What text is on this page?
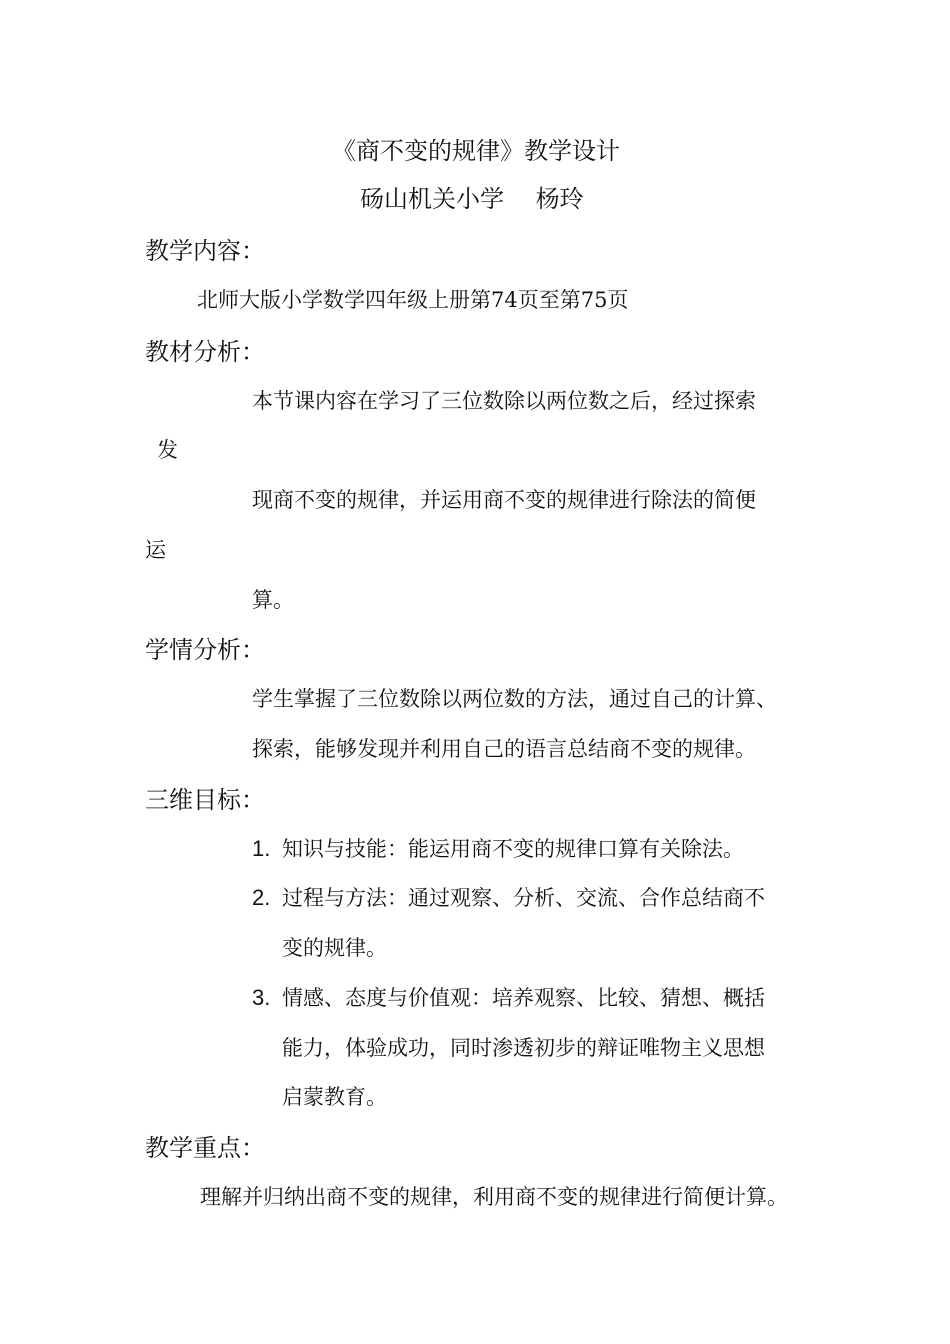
《商不变的规律》教学设计
砀山机关小学　 杨玲
教学内容：
北师大版小学数学四年级上册第74页至第75页
教材分析：
本节课内容在学习了三位数除以两位数之后，经过探索
发
现商不变的规律，并运用商不变的规律进行除法的简便
运
算。
学情分析：
学生掌握了三位数除以两位数的方法，通过自己的计算、
探索，能够发现并利用自己的语言总结商不变的规律。
三维目标：
1. 知识与技能：能运用商不变的规律口算有关除法。
2. 过程与方法：通过观察、分析、交流、合作总结商不
变的规律。
3. 情感、态度与价值观：培养观察、比较、猜想、概括
能力，体验成功，同时渗透初步的辩证唯物主义思想
启蒙教育。
教学重点：
理解并归纳出商不变的规律，利用商不变的规律进行简便计算。
